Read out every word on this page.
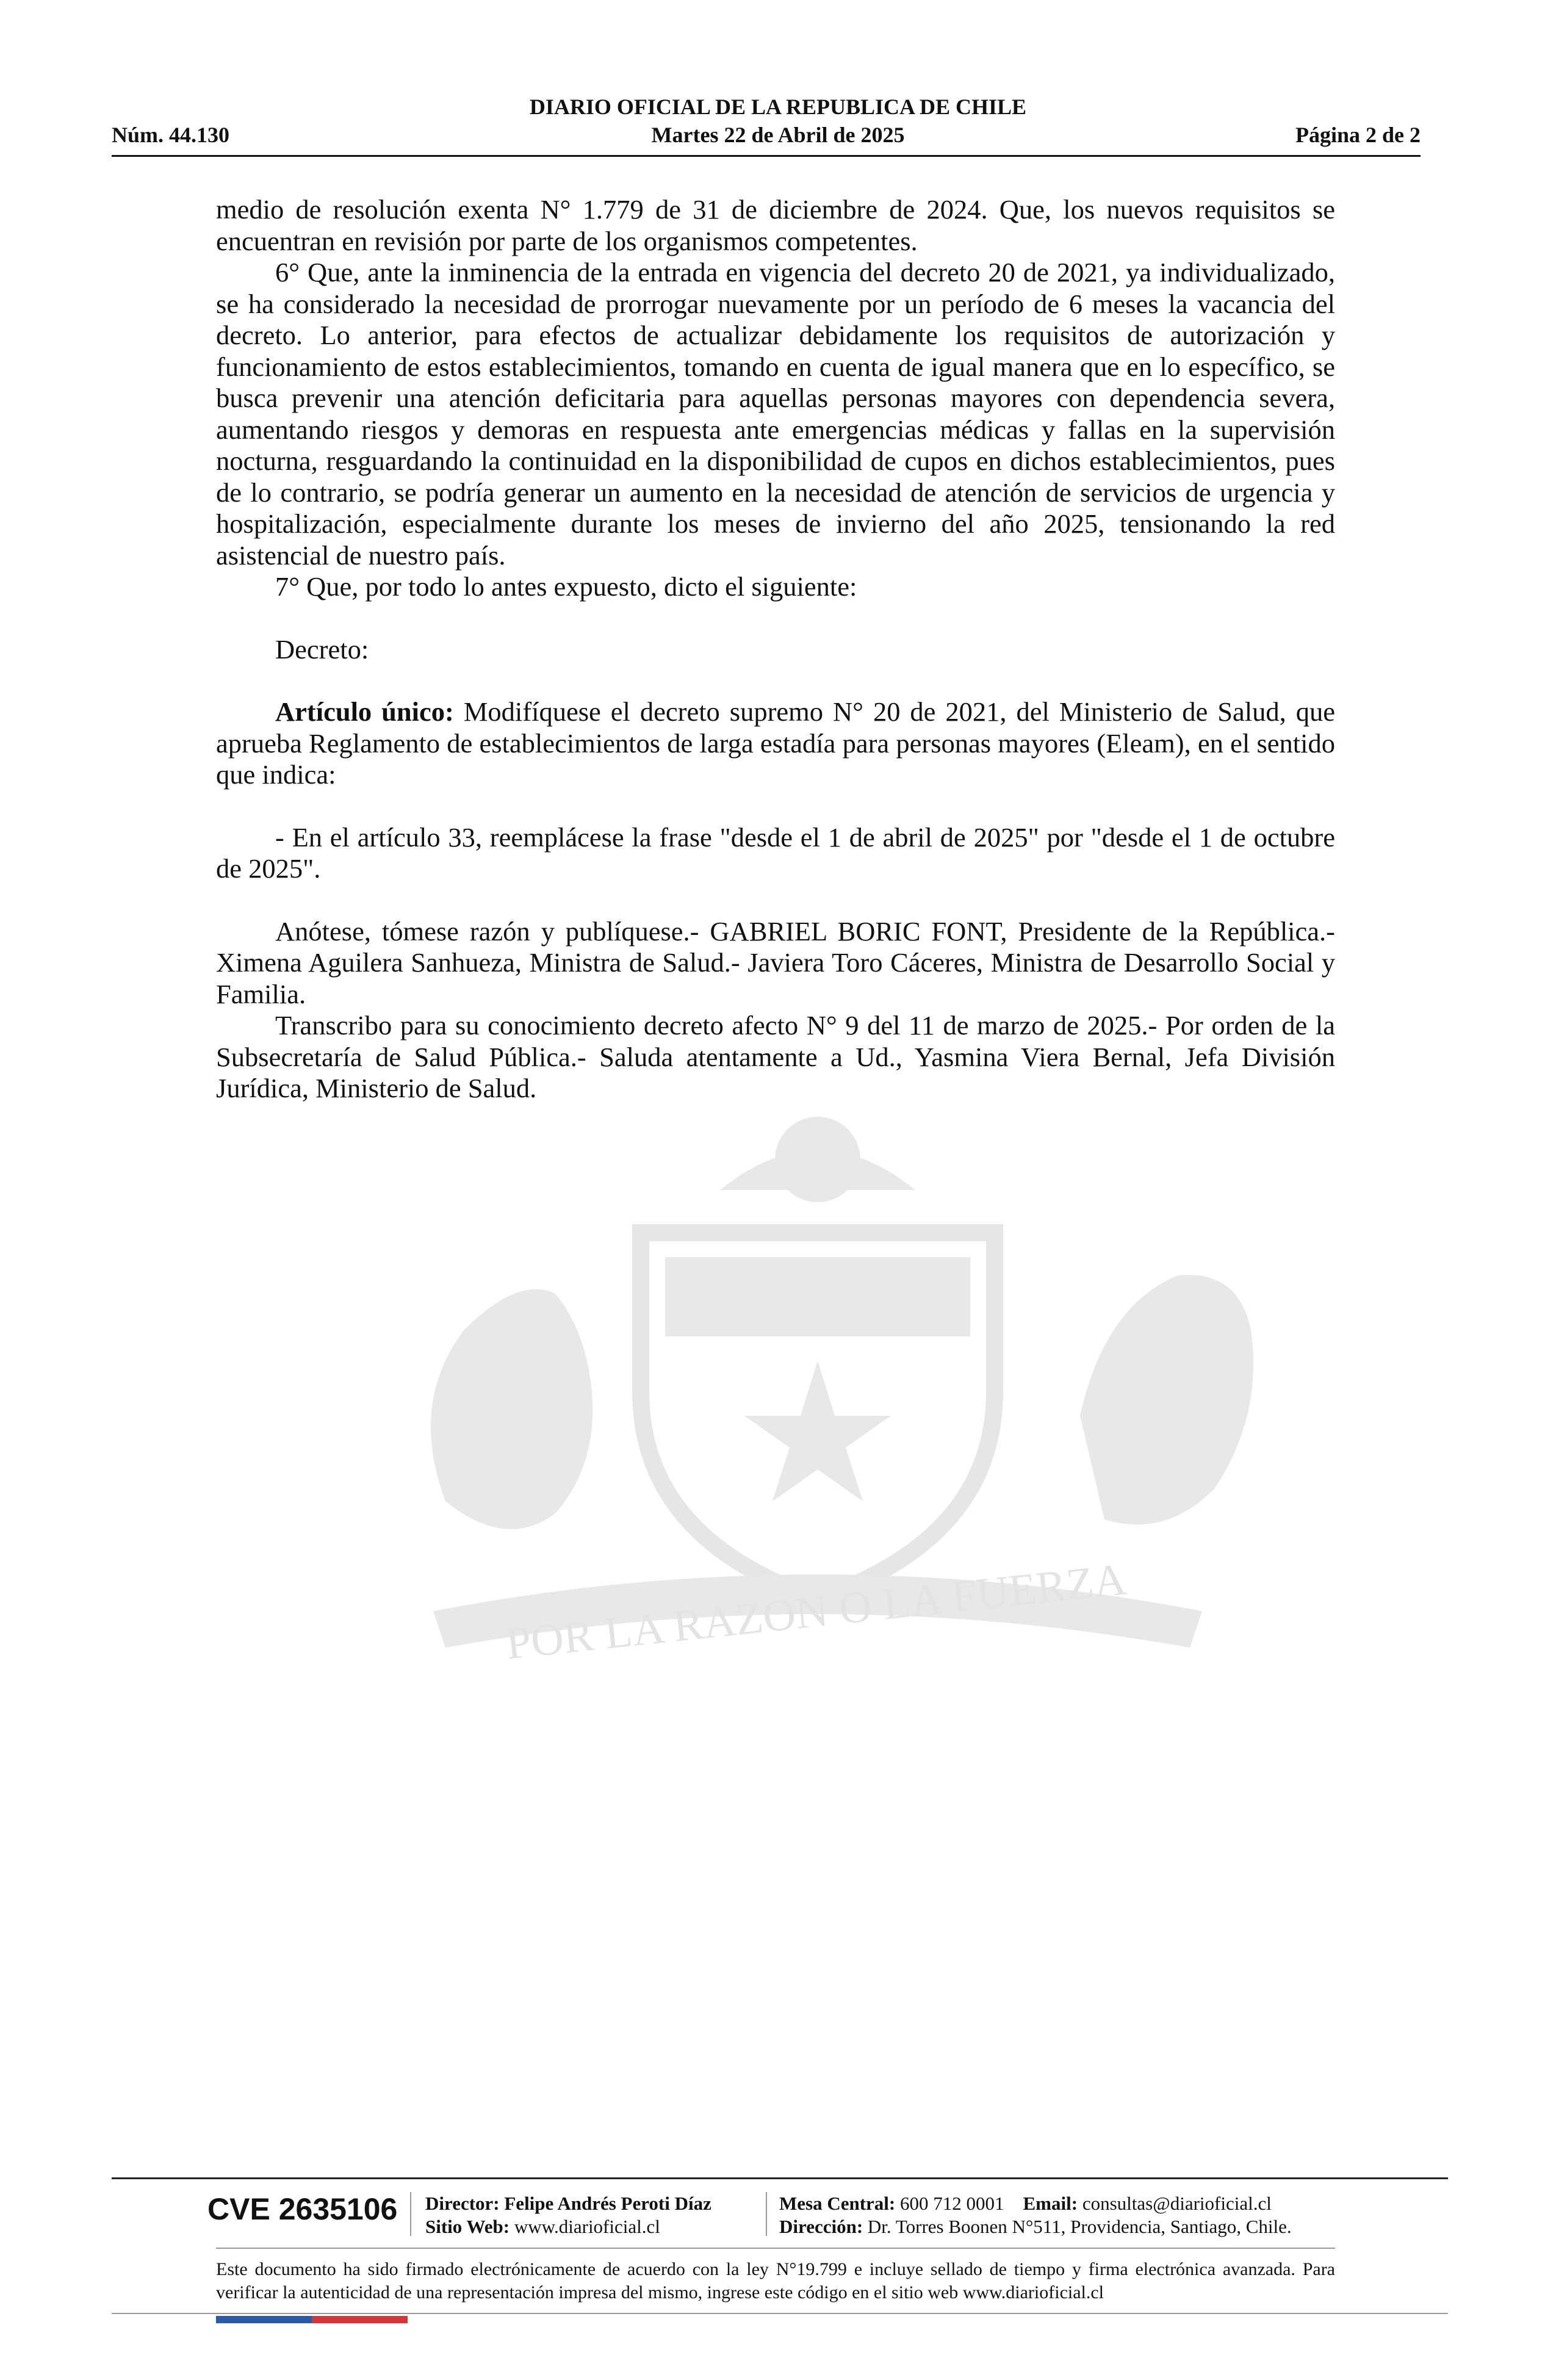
DIARIO OFICIAL DE LA REPUBLICA DE CHILE
Martes 22 de Abril de 2025
Núm. 44.130	Página 2 de 2
POR LA RAZON O LA FUERZA

medio de resolución exenta N° 1.779 de 31 de diciembre de 2024. Que, los nuevos requisitos se encuentran en revisión por parte de los organismos competentes.

6° Que, ante la inminencia de la entrada en vigencia del decreto 20 de 2021, ya individualizado, se ha considerado la necesidad de prorrogar nuevamente por un período de 6 meses la vacancia del decreto. Lo anterior, para efectos de actualizar debidamente los requisitos de autorización y funcionamiento de estos establecimientos, tomando en cuenta de igual manera que en lo específico, se busca prevenir una atención deficitaria para aquellas personas mayores con dependencia severa, aumentando riesgos y demoras en respuesta ante emergencias médicas y fallas en la supervisión nocturna, resguardando la continuidad en la disponibilidad de cupos en dichos establecimientos, pues de lo contrario, se podría generar un aumento en la necesidad de atención de servicios de urgencia y hospitalización, especialmente durante los meses de invierno del año 2025, tensionando la red asistencial de nuestro país.

7° Que, por todo lo antes expuesto, dicto el siguiente:

Decreto:

Artículo único: Modifíquese el decreto supremo N° 20 de 2021, del Ministerio de Salud, que aprueba Reglamento de establecimientos de larga estadía para personas mayores (Eleam), en el sentido que indica:

- En el artículo 33, reemplácese la frase "desde el 1 de abril de 2025" por "desde el 1 de octubre de 2025".

Anótese, tómese razón y publíquese.- GABRIEL BORIC FONT, Presidente de la República.- Ximena Aguilera Sanhueza, Ministra de Salud.- Javiera Toro Cáceres, Ministra de Desarrollo Social y Familia.

Transcribo para su conocimiento decreto afecto N° 9 del 11 de marzo de 2025.- Por orden de la Subsecretaría de Salud Pública.- Saluda atentamente a Ud., Yasmina Viera Bernal, Jefa División Jurídica, Ministerio de Salud.

CVE 2635106 Director: Felipe Andrés Peroti Díaz
Sitio Web: www.diarioficial.cl
Mesa Central: 600 712 0001 Email: consultas@diarioficial.cl
Dirección: Dr. Torres Boonen N°511, Providencia, Santiago, Chile.

Este documento ha sido firmado electrónicamente de acuerdo con la ley N°19.799 e incluye sellado de tiempo y firma electrónica avanzada. Para verificar la autenticidad de una representación impresa del mismo, ingrese este código en el sitio web www.diarioficial.cl
